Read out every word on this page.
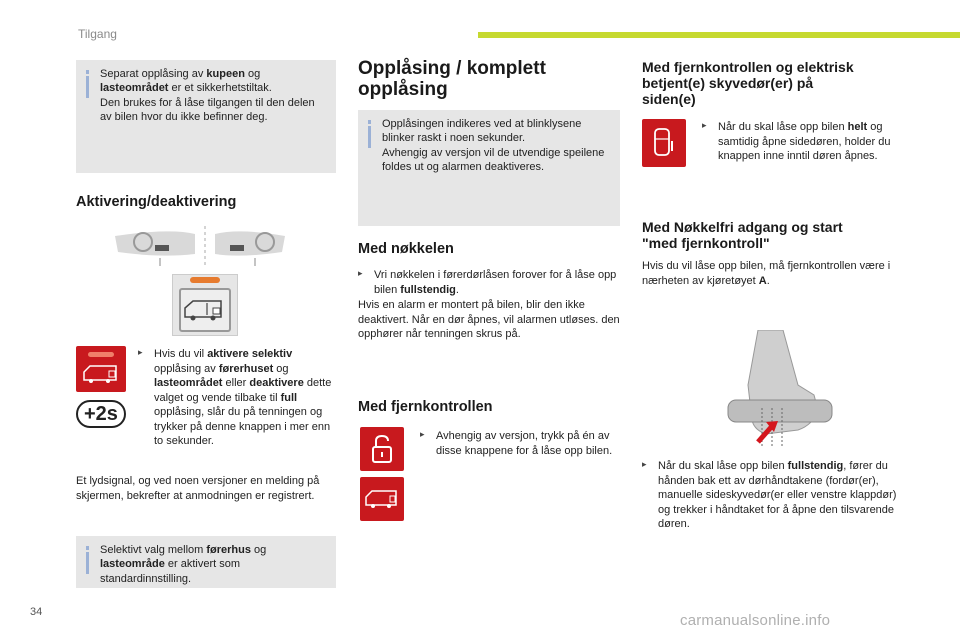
Tilgang

Separat opplåsing av kupeen og lasteområdet er et sikkerhetstiltak.
Den brukes for å låse tilgangen til den delen av bilen hvor du ikke befinner deg.

Aktivering/deaktivering
+2s
▸ Hvis du vil aktivere selektiv opplåsing av førerhuset og lasteområdet eller deaktivere dette valget og vende tilbake til full opplåsing, slår du på tenningen og trykker på denne knappen i mer enn to sekunder.
Et lydsignal, og ved noen versjoner en melding på skjermen, bekrefter at anmodningen er registrert.

Selektivt valg mellom førerhus og lasteområde er aktivert som standardinnstilling.

Opplåsing / komplett
opplåsing

Opplåsingen indikeres ved at blinklysene blinker raskt i noen sekunder.
Avhengig av versjon vil de utvendige speilene foldes ut og alarmen deaktiveres.

Med nøkkelen
▸ Vri nøkkelen i førerdørlåsen forover for å låse opp bilen fullstendig.
Hvis en alarm er montert på bilen, blir den ikke deaktivert. Når en dør åpnes, vil alarmen utløses. den opphører når tenningen skrus på.
Med fjernkontrollen
▸ Avhengig av versjon, trykk på én av disse knappene for å låse opp bilen.
Med fjernkontrollen og elektrisk
betjent(e) skyvedør(er) på
siden(e)
▸ Når du skal låse opp bilen helt og samtidig åpne sidedøren, holder du knappen inne inntil døren åpnes.
Med Nøkkelfri adgang og start
"med fjernkontroll"
Hvis du vil låse opp bilen, må fjernkontrollen være i nærheten av kjøretøyet A.
▸ Når du skal låse opp bilen fullstendig, fører du hånden bak ett av dørhåndtakene (fordør(er), manuelle sideskyvedør(er eller venstre klappdør) og trekker i håndtaket for å åpne den tilsvarende døren.
34	carmanualsonline.info
